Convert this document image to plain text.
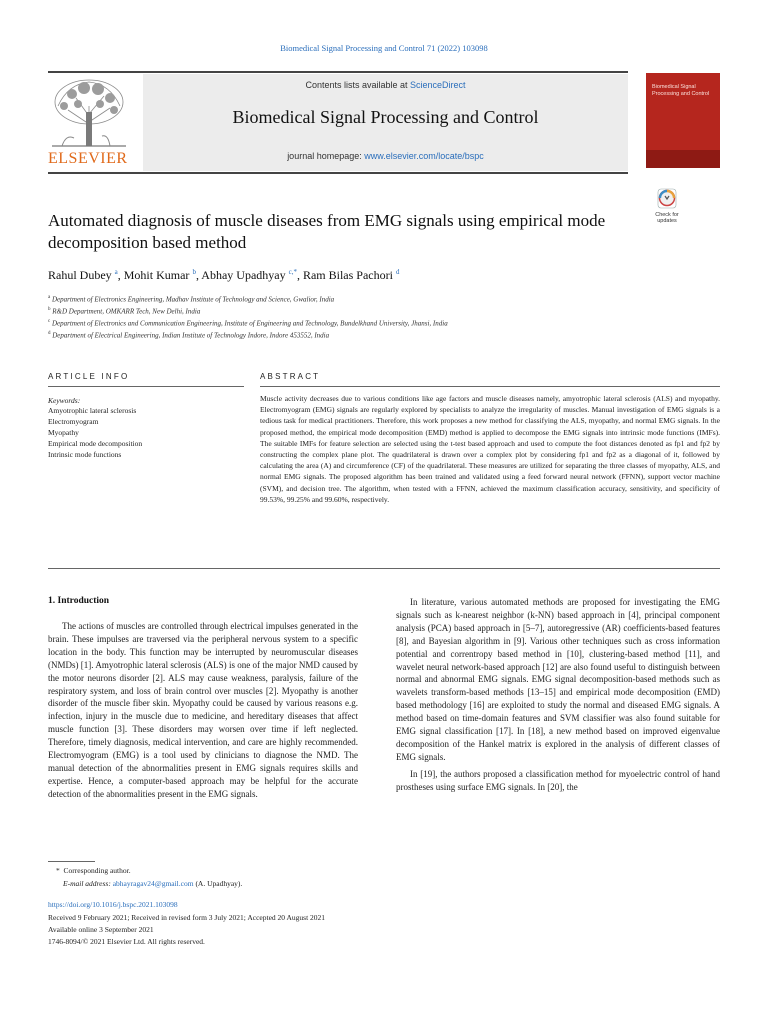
Biomedical Signal Processing and Control 71 (2022) 103098
ELSEVIER
Contents lists available at ScienceDirect
Biomedical Signal Processing and Control
journal homepage: www.elsevier.com/locate/bspc
Biomedical Signal Processing and Control
Check for updates
Automated diagnosis of muscle diseases from EMG signals using empirical mode decomposition based method
Rahul Dubey $^a$, Mohit Kumar $^b$, Abhay Upadhyay $^{c,*}$, Ram Bilas Pachori $^d$
$^a$ Department of Electronics Engineering, Madhav Institute of Technology and Science, Gwalior, India
$^b$ R&D Department, OMKARR Tech, New Delhi, India
$^c$ Department of Electronics and Communication Engineering, Institute of Engineering and Technology, Bundelkhand University, Jhansi, India
$^d$ Department of Electrical Engineering, Indian Institute of Technology Indore, Indore 453552, India
ARTICLE INFO
Keywords:
Amyotrophic lateral sclerosis
Electromyogram
Myopathy
Empirical mode decomposition
Intrinsic mode functions
ABSTRACT
Muscle activity decreases due to various conditions like age factors and muscle diseases namely, amyotrophic lateral sclerosis (ALS) and myopathy. Electromyogram (EMG) signals are regularly explored by specialists to analyze the irregularity of muscles. Manual investigation of EMG signals is a tedious task for medical practitioners. Therefore, this work proposes a new method for classifying the ALS, myopathy, and normal EMG signals. In the proposed method, the empirical mode decomposition (EMD) method is applied to decompose the EMG signals into intrinsic mode functions (IMFs). The suitable IMFs for feature selection are selected using the t-test based approach and used to compute the foot distances denoted as fp1 and fp2 by constructing the complex plane plot. The quadrilateral is drawn over a complex plot by considering fp1 and fp2 as a diagonal of it, followed by calculating the area (A) and circumference (CF) of the quadrilateral. These measures are utilized for separating the three classes of myopathy, ALS, and normal EMG signals. The proposed algorithm has been trained and validated using a feed forward neural network (FFNN), support vector machine (SVM), and decision tree. The algorithm, when tested with a FFNN, achieved the maximum classification accuracy, sensitivity, and specificity of 99.53%, 99.25% and 99.60%, respectively.
1. Introduction

The actions of muscles are controlled through electrical impulses generated in the brain. These impulses are traversed via the peripheral nervous system to a specific location in the body. This function may be interrupted by neuromuscular diseases (NMDs) [1]. Amyotrophic lateral sclerosis (ALS) is one of the major NMD caused by the motor neurons disorder [2]. ALS may cause weakness, paralysis, failure of the respiratory system, and loss of brain control over muscles [2]. Myopathy is another disorder of the muscle fiber skin. Myopathy could be caused by various reasons e.g. infection, injury in the muscle due to medicine, and hereditary diseases that affect muscle function [3]. These disorders may worsen over time if left neglected. Therefore, timely diagnosis, medical intervention, and care are highly recommended. Electromyogram (EMG) is a tool used by clinicians to diagnose the NMD. The manual detection of the abnormalities present in EMG signals requires skills and expertise. Hence, a computer-based approach may be helpful for the accurate detection of the abnormalities present in the EMG signals.

In literature, various automated methods are proposed for investigating the EMG signals such as k-nearest neighbor (k-NN) based approach in [4], principal component analysis (PCA) based approach in [5–7], autoregressive (AR) coefficients-based features [8], and Bayesian algorithm in [9]. Various other techniques such as cross information potential and correntropy based method in [10], clustering-based method [11], and wavelet neural network-based approach [12] are also found useful to distinguish between normal and abnormal EMG signals. EMG signal decomposition-based methods such as wavelets transform-based methods [13–15] and empirical mode decomposition (EMD) based methodology [16] are exploited to study the normal and diseased EMG signals. A method based on time-domain features and SVM classifier was also found suitable for EMG signal classification [17]. In [18], a new method based on improved eigenvalue decomposition of the Hankel matrix is explored in the analysis of different classes of EMG signals.

In [19], the authors proposed a classification method for myoelectric control of hand prostheses using surface EMG signals. In [20], the

*  Corresponding author.
E-mail address: abhayragav24@gmail.com (A. Upadhyay).
https://doi.org/10.1016/j.bspc.2021.103098
Received 9 February 2021; Received in revised form 3 July 2021; Accepted 20 August 2021
Available online 3 September 2021
1746-8094/© 2021 Elsevier Ltd. All rights reserved.
